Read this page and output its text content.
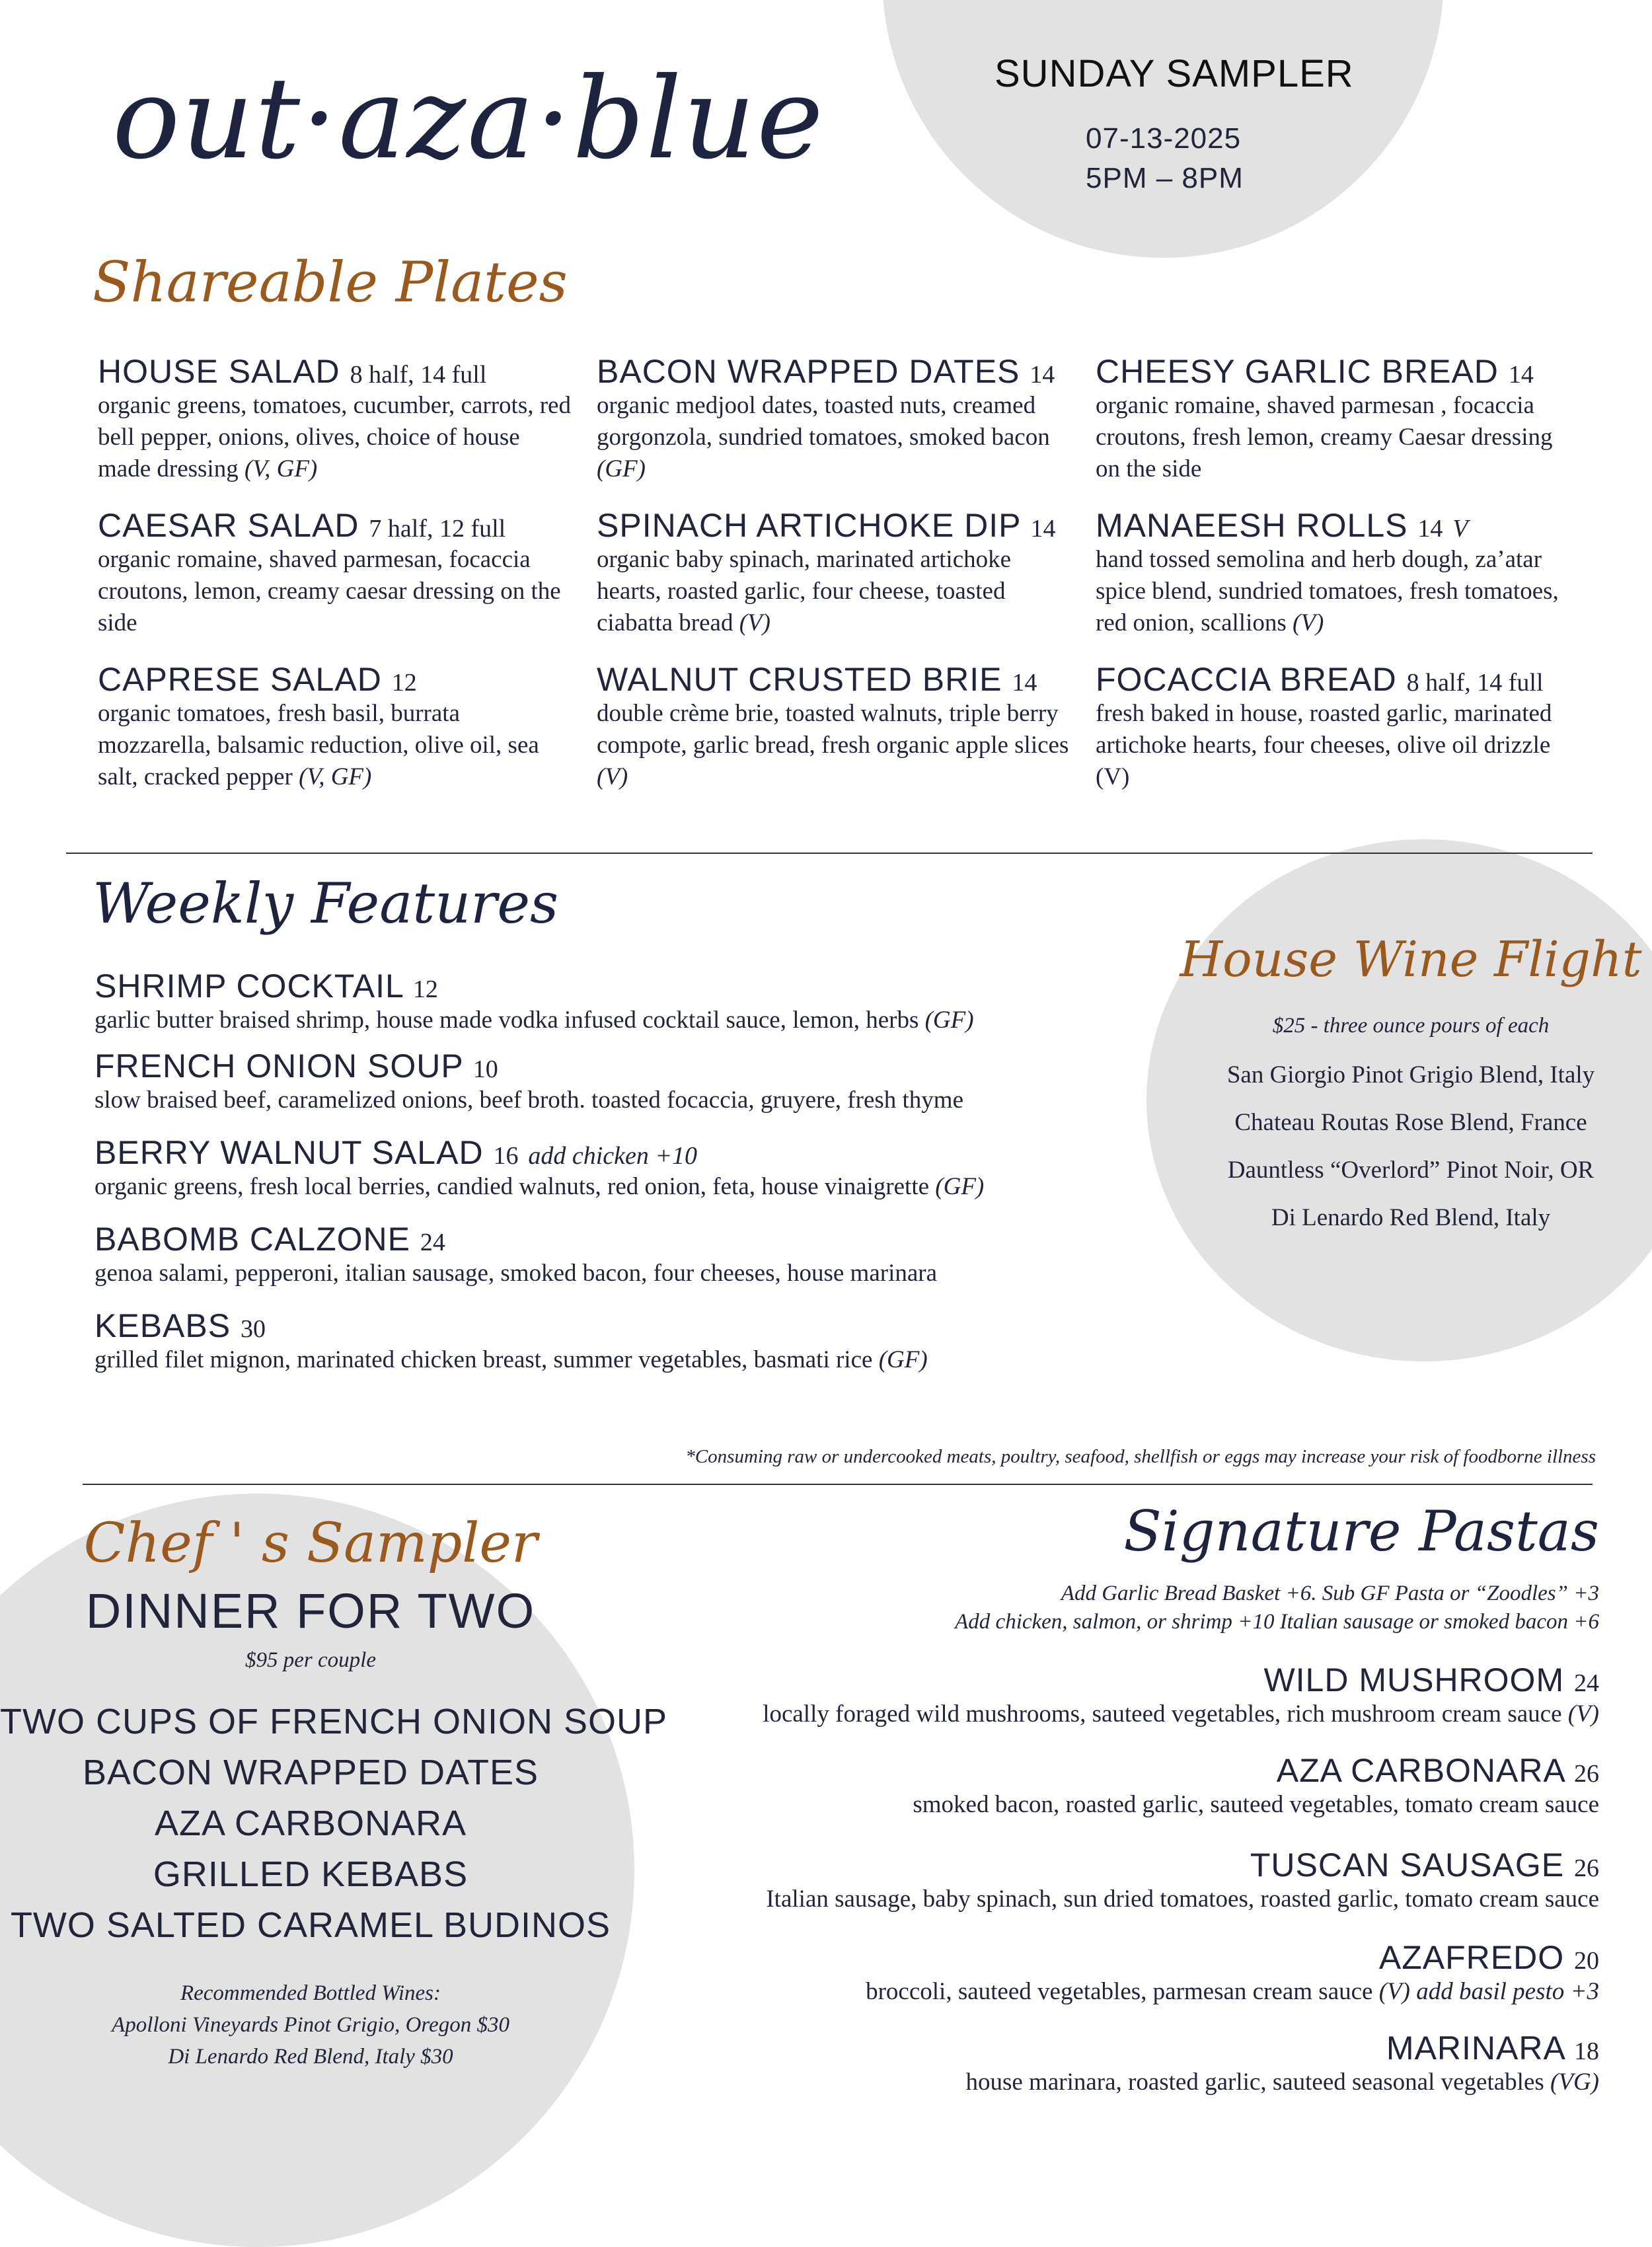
out·aza·blue	SUNDAY SAMPLER
07-13-2025
5PM – 8PM
Shareable Plates
HOUSE SALAD 8 half, 14 full
organic greens, tomatoes, cucumber, carrots, red bell pepper, onions, olives, choice of house made dressing (V, GF)
CAESAR SALAD 7 half, 12 full
organic romaine, shaved parmesan, focaccia croutons, lemon, creamy caesar dressing on the side
CAPRESE SALAD 12
organic tomatoes, fresh basil, burrata mozzarella, balsamic reduction, olive oil, sea salt, cracked pepper (V, GF)
BACON WRAPPED DATES 14
organic medjool dates, toasted nuts, creamed gorgonzola, sundried tomatoes, smoked bacon (GF)
SPINACH ARTICHOKE DIP 14
organic baby spinach, marinated artichoke hearts, roasted garlic, four cheese, toasted ciabatta bread (V)
WALNUT CRUSTED BRIE 14
double crème brie, toasted walnuts, triple berry compote, garlic bread, fresh organic apple slices (V)
CHEESY GARLIC BREAD 14
organic romaine, shaved parmesan , focaccia croutons, fresh lemon, creamy Caesar dressing on the side
MANAEESH ROLLS 14 V
hand tossed semolina and herb dough, za’atar spice blend, sundried tomatoes, fresh tomatoes, red onion, scallions (V)
FOCACCIA BREAD 8 half, 14 full
fresh baked in house, roasted garlic, marinated artichoke hearts, four cheeses, olive oil drizzle (V)
Weekly Features
SHRIMP COCKTAIL 12
garlic butter braised shrimp, house made vodka infused cocktail sauce, lemon, herbs (GF)
FRENCH ONION SOUP 10
slow braised beef, caramelized onions, beef broth. toasted focaccia, gruyere, fresh thyme
BERRY WALNUT SALAD 16 add chicken +10
organic greens, fresh local berries, candied walnuts, red onion, feta, house vinaigrette (GF)
BABOMB CALZONE 24
genoa salami, pepperoni, italian sausage, smoked bacon, four cheeses, house marinara
KEBABS 30
grilled filet mignon, marinated chicken breast, summer vegetables, basmati rice (GF)
*Consuming raw or undercooked meats, poultry, seafood, shellfish or eggs may increase your risk of foodborne illness
House Wine Flight
$25 - three ounce pours of each
San Giorgio Pinot Grigio Blend, Italy
Chateau Routas Rose Blend, France
Dauntless “Overlord” Pinot Noir, OR
Di Lenardo Red Blend, Italy
Chef ' s Sampler
DINNER FOR TWO
$95 per couple
TWO CUPS OF FRENCH ONION SOUP
BACON WRAPPED DATES
AZA CARBONARA
GRILLED KEBABS
TWO SALTED CARAMEL BUDINOS
Recommended Bottled Wines:
Apolloni Vineyards Pinot Grigio, Oregon $30
Di Lenardo Red Blend, Italy $30
Signature Pastas
Add Garlic Bread Basket +6. Sub GF Pasta or “Zoodles” +3
Add chicken, salmon, or shrimp +10 Italian sausage or smoked bacon +6
WILD MUSHROOM 24
locally foraged wild mushrooms, sauteed vegetables, rich mushroom cream sauce (V)
AZA CARBONARA 26
smoked bacon, roasted garlic, sauteed vegetables, tomato cream sauce
TUSCAN SAUSAGE 26
Italian sausage, baby spinach, sun dried tomatoes, roasted garlic, tomato cream sauce
AZAFREDO 20
broccoli, sauteed vegetables, parmesan cream sauce (V) add basil pesto +3
MARINARA 18
house marinara, roasted garlic, sauteed seasonal vegetables (VG)
